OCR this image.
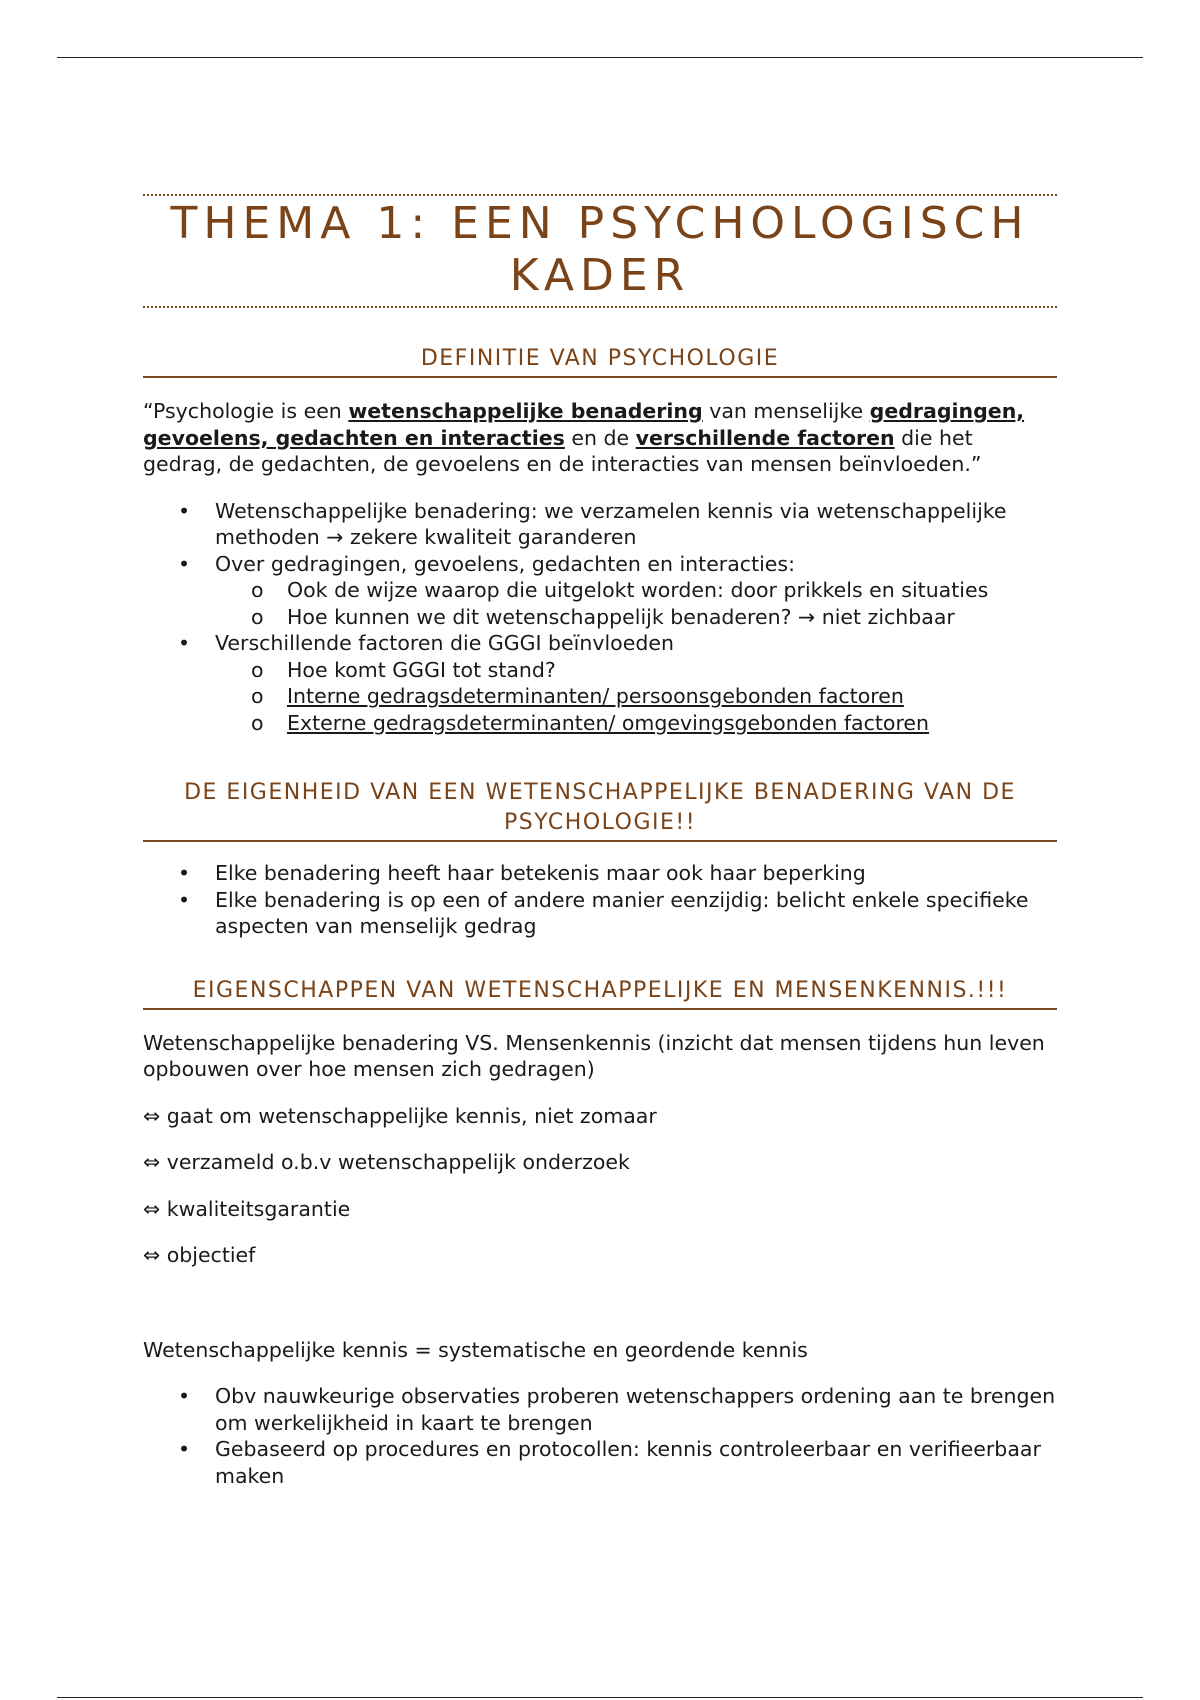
THEMA 1: EEN PSYCHOLOGISCH
KADER
DEFINITIE VAN PSYCHOLOGIE

“Psychologie is een wetenschappelijke benadering van menselijke gedragingen, gevoelens, gedachten en interacties en de verschillende factoren die het gedrag, de gedachten, de gevoelens en de interacties van mensen beïnvloeden.”

• Wetenschappelijke benadering: we verzamelen kennis via wetenschappelijke methoden → zekere kwaliteit garanderen
• Over gedragingen, gevoelens, gedachten en interacties:
o Ook de wijze waarop die uitgelokt worden: door prikkels en situaties
o Hoe kunnen we dit wetenschappelijk benaderen? → niet zichbaar
• Verschillende factoren die GGGI beïnvloeden
o Hoe komt GGGI tot stand?
o Interne gedragsdeterminanten/ persoonsgebonden factoren
o Externe gedragsdeterminanten/ omgevingsgebonden factoren
DE EIGENHEID VAN EEN WETENSCHAPPELIJKE BENADERING VAN DE
PSYCHOLOGIE!!
• Elke benadering heeft haar betekenis maar ook haar beperking
• Elke benadering is op een of andere manier eenzijdig: belicht enkele specifieke aspecten van menselijk gedrag
EIGENSCHAPPEN VAN WETENSCHAPPELIJKE EN MENSENKENNIS.!!!

Wetenschappelijke benadering VS. Mensenkennis (inzicht dat mensen tijdens hun leven opbouwen over hoe mensen zich gedragen)

⇔ gaat om wetenschappelijke kennis, niet zomaar

⇔ verzameld o.b.v wetenschappelijk onderzoek

⇔ kwaliteitsgarantie

⇔ objectief

Wetenschappelijke kennis = systematische en geordende kennis

• Obv nauwkeurige observaties proberen wetenschappers ordening aan te brengen om werkelijkheid in kaart te brengen
• Gebaseerd op procedures en protocollen: kennis controleerbaar en verifieerbaar maken
